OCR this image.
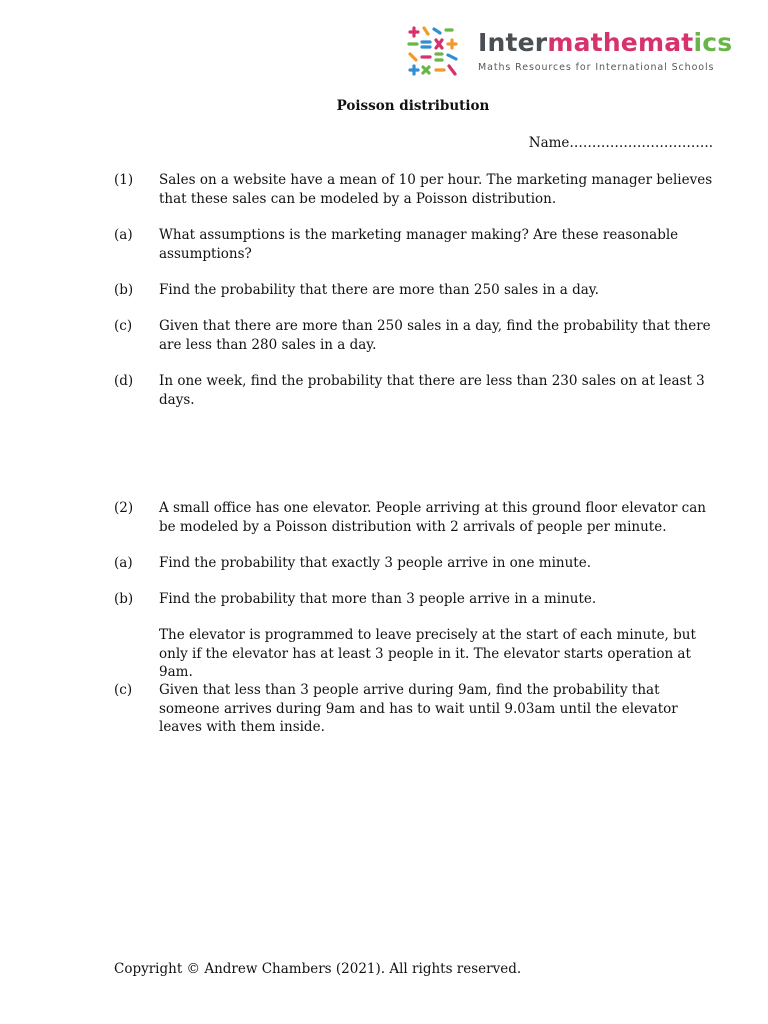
Intermathematics
Maths Resources for International Schools
Poisson distribution
Name…………………………..
(1)	Sales on a website have a mean of 10 per hour. The marketing manager believes that these sales can be modeled by a Poisson distribution.
(a)	What assumptions is the marketing manager making? Are these reasonable assumptions?
(b)	Find the probability that there are more than 250 sales in a day.
(c)	Given that there are more than 250 sales in a day, find the probability that there are less than 280 sales in a day.
(d)	In one week, find the probability that there are less than 230 sales on at least 3 days.
(2)	A small office has one elevator. People arriving at this ground floor elevator can be modeled by a Poisson distribution with 2 arrivals of people per minute.
(a)	Find the probability that exactly 3 people arrive in one minute.
(b)	Find the probability that more than 3 people arrive in a minute.
The elevator is programmed to leave precisely at the start of each minute, but only if the elevator has at least 3 people in it. The elevator starts operation at 9am.
(c)	Given that less than 3 people arrive during 9am, find the probability that someone arrives during 9am and has to wait until 9.03am until the elevator leaves with them inside.
Copyright © Andrew Chambers (2021). All rights reserved.
